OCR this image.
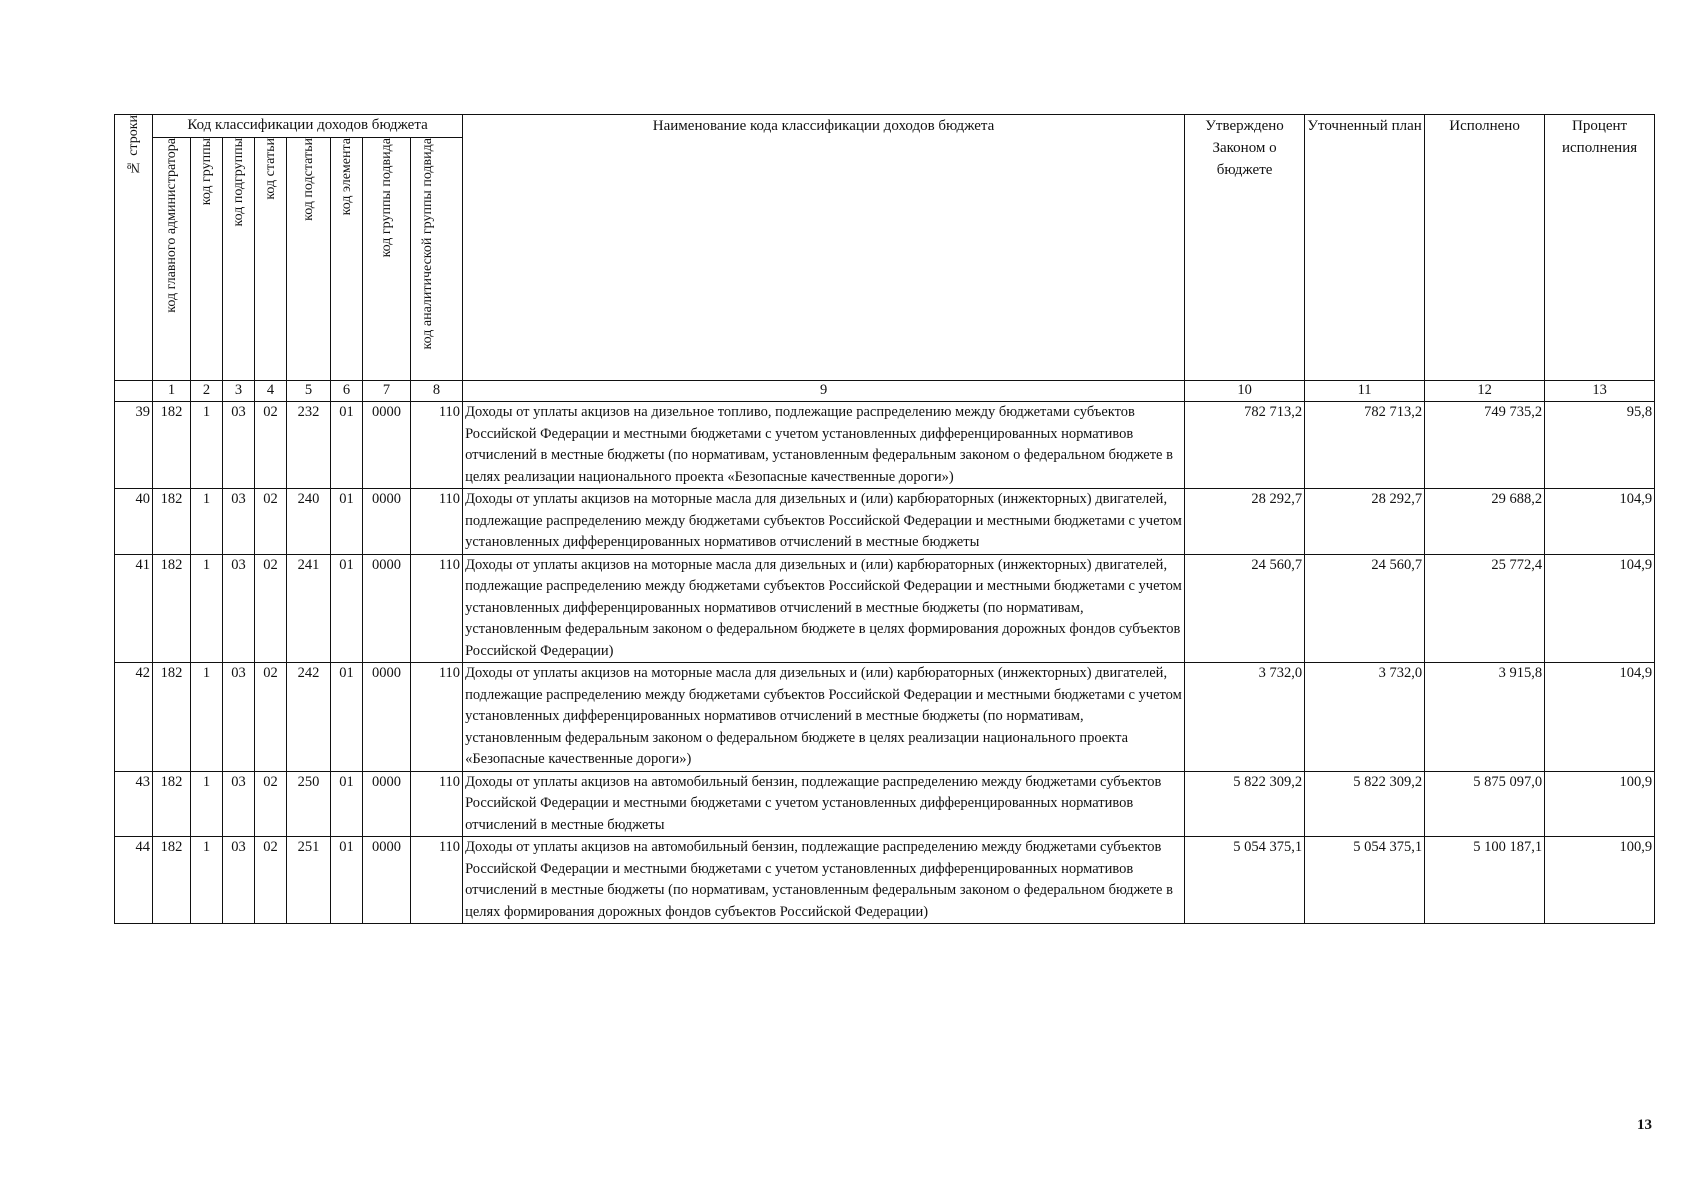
№ строки	Код классификации доходов бюджета								Наименование кода классификации доходов бюджета	Утверждено Законом о бюджете	Уточненный план	Исполнено	Процент исполнения
	код главного администратора	код группы	код подгруппы	код статьи	код подстатьи	код элемента	код группы подвида	код аналитической группы подвида					
	1	2	3	4	5	6	7	8	9	10	11	12	13
39	182	1	03	02	232	01	0000	110	Доходы от уплаты акцизов на дизельное топливо, подлежащие распределению между бюджетами субъектов Российской Федерации и местными бюджетами с учетом установленных дифференцированных нормативов отчислений в местные бюджеты (по нормативам, установленным федеральным законом о федеральном бюджете в целях реализации национального проекта «Безопасные качественные дороги»)	782 713,2	782 713,2	749 735,2	95,8
40	182	1	03	02	240	01	0000	110	Доходы от уплаты акцизов на моторные масла для дизельных и (или) карбюраторных (инжекторных) двигателей, подлежащие распределению между бюджетами субъектов Российской Федерации и местными бюджетами с учетом установленных дифференцированных нормативов отчислений в местные бюджеты	28 292,7	28 292,7	29 688,2	104,9
41	182	1	03	02	241	01	0000	110	Доходы от уплаты акцизов на моторные масла для дизельных и (или) карбюраторных (инжекторных) двигателей, подлежащие распределению между бюджетами субъектов Российской Федерации и местными бюджетами с учетом установленных дифференцированных нормативов отчислений в местные бюджеты (по нормативам, установленным федеральным законом о федеральном бюджете в целях формирования дорожных фондов субъектов Российской Федерации)	24 560,7	24 560,7	25 772,4	104,9
42	182	1	03	02	242	01	0000	110	Доходы от уплаты акцизов на моторные масла для дизельных и (или) карбюраторных (инжекторных) двигателей, подлежащие распределению между бюджетами субъектов Российской Федерации и местными бюджетами с учетом установленных дифференцированных нормативов отчислений в местные бюджеты (по нормативам, установленным федеральным законом о федеральном бюджете в целях реализации национального проекта «Безопасные качественные дороги»)	3 732,0	3 732,0	3 915,8	104,9
43	182	1	03	02	250	01	0000	110	Доходы от уплаты акцизов на автомобильный бензин, подлежащие распределению между бюджетами субъектов Российской Федерации и местными бюджетами с учетом установленных дифференцированных нормативов отчислений в местные бюджеты	5 822 309,2	5 822 309,2	5 875 097,0	100,9
44	182	1	03	02	251	01	0000	110	Доходы от уплаты акцизов на автомобильный бензин, подлежащие распределению между бюджетами субъектов Российской Федерации и местными бюджетами с учетом установленных дифференцированных нормативов отчислений в местные бюджеты (по нормативам, установленным федеральным законом о федеральном бюджете в целях формирования дорожных фондов субъектов Российской Федерации)	5 054 375,1	5 054 375,1	5 100 187,1	100,9
13
